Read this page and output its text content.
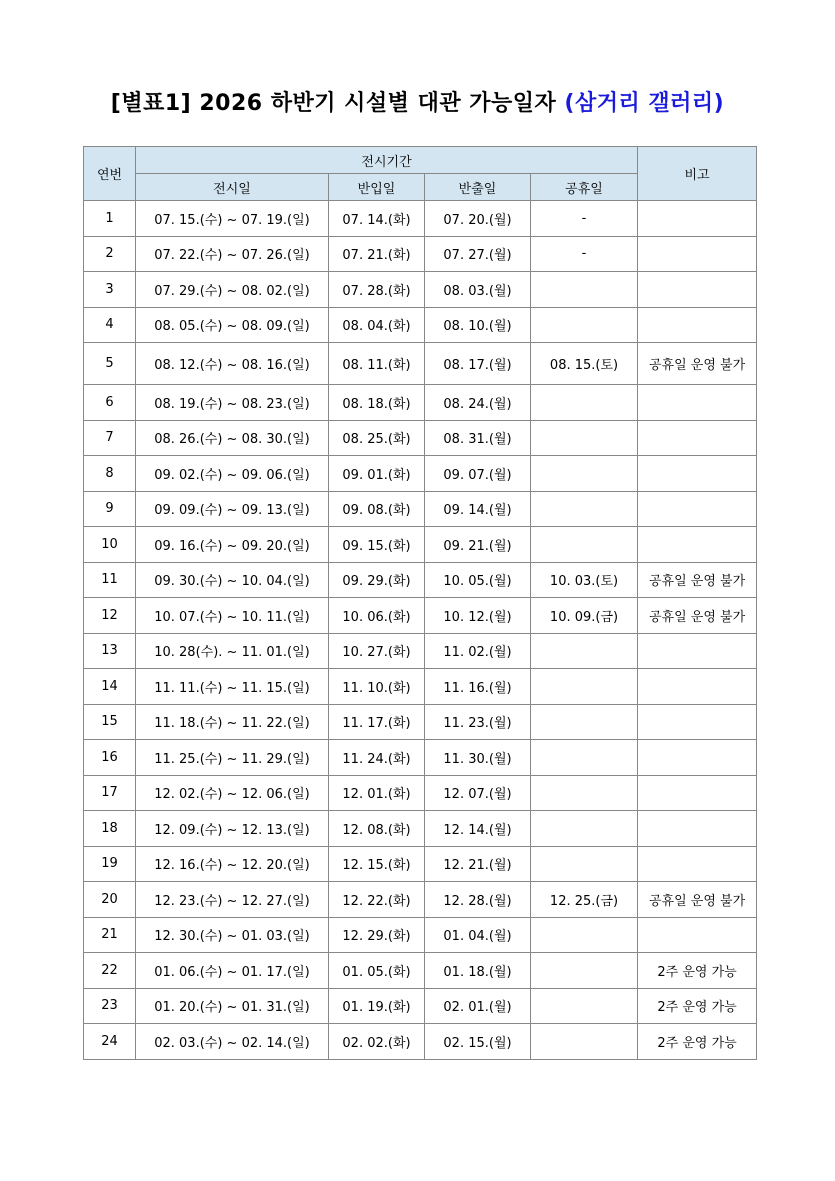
[별표1] 2026 하반기 시설별 대관 가능일자 (삼거리 갤러리)
연번	전시기간				비고
	전시일	반입일	반출일	공휴일	
1	07. 15.(수) ~ 07. 19.(일)	07. 14.(화)	07. 20.(월)	-	
2	07. 22.(수) ~ 07. 26.(일)	07. 21.(화)	07. 27.(월)	-	
3	07. 29.(수) ~ 08. 02.(일)	07. 28.(화)	08. 03.(월)		
4	08. 05.(수) ~ 08. 09.(일)	08. 04.(화)	08. 10.(월)		
5	08. 12.(수) ~ 08. 16.(일)	08. 11.(화)	08. 17.(월)	08. 15.(토)	공휴일 운영 불가
6	08. 19.(수) ~ 08. 23.(일)	08. 18.(화)	08. 24.(월)		
7	08. 26.(수) ~ 08. 30.(일)	08. 25.(화)	08. 31.(월)		
8	09. 02.(수) ~ 09. 06.(일)	09. 01.(화)	09. 07.(월)		
9	09. 09.(수) ~ 09. 13.(일)	09. 08.(화)	09. 14.(월)		
10	09. 16.(수) ~ 09. 20.(일)	09. 15.(화)	09. 21.(월)		
11	09. 30.(수) ~ 10. 04.(일)	09. 29.(화)	10. 05.(월)	10. 03.(토)	공휴일 운영 불가
12	10. 07.(수) ~ 10. 11.(일)	10. 06.(화)	10. 12.(월)	10. 09.(금)	공휴일 운영 불가
13	10. 28(수). ~ 11. 01.(일)	10. 27.(화)	11. 02.(월)		
14	11. 11.(수) ~ 11. 15.(일)	11. 10.(화)	11. 16.(월)		
15	11. 18.(수) ~ 11. 22.(일)	11. 17.(화)	11. 23.(월)		
16	11. 25.(수) ~ 11. 29.(일)	11. 24.(화)	11. 30.(월)		
17	12. 02.(수) ~ 12. 06.(일)	12. 01.(화)	12. 07.(월)		
18	12. 09.(수) ~ 12. 13.(일)	12. 08.(화)	12. 14.(월)		
19	12. 16.(수) ~ 12. 20.(일)	12. 15.(화)	12. 21.(월)		
20	12. 23.(수) ~ 12. 27.(일)	12. 22.(화)	12. 28.(월)	12. 25.(금)	공휴일 운영 불가
21	12. 30.(수) ~ 01. 03.(일)	12. 29.(화)	01. 04.(월)		
22	01. 06.(수) ~ 01. 17.(일)	01. 05.(화)	01. 18.(월)		2주 운영 가능
23	01. 20.(수) ~ 01. 31.(일)	01. 19.(화)	02. 01.(월)		2주 운영 가능
24	02. 03.(수) ~ 02. 14.(일)	02. 02.(화)	02. 15.(월)		2주 운영 가능
